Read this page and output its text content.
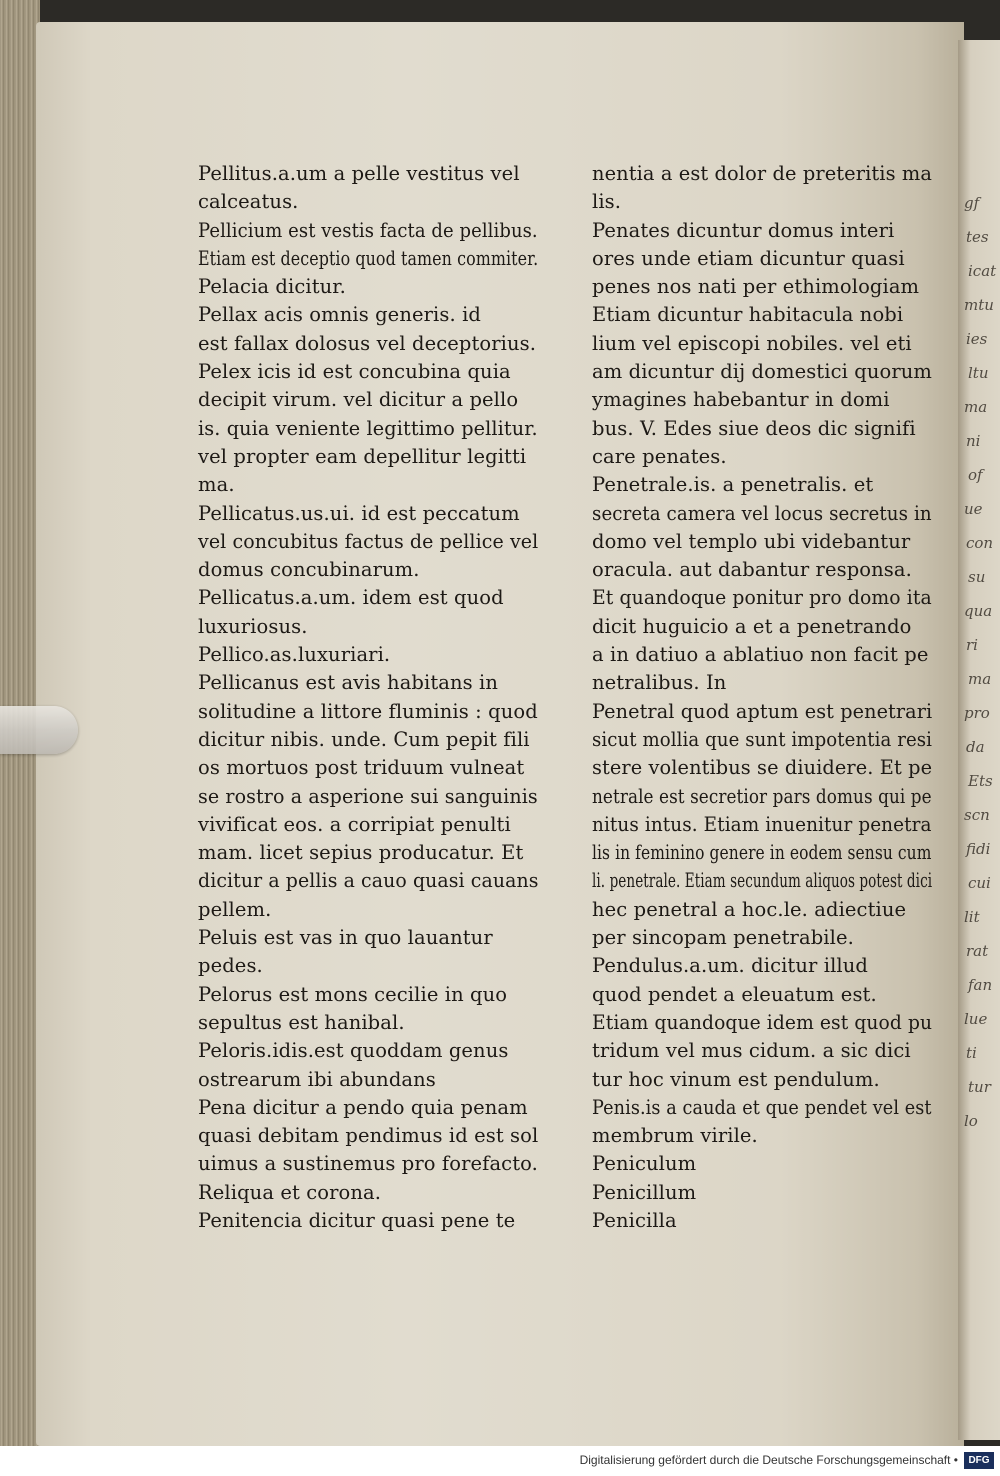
gf
tes
icat
mtu
ies
ltu
ma
ni
of
ue
con
su
qua
ri
ma
pro
da
Ets
scn
fidi
cui
lit
rat
fan
lue
ti
tur
lo
Pellitus.a.um a pelle vestitus vel
calceatus.
Pellicium est vestis facta de pellibus.
Etiam est deceptio quod tamen commiter.
Pelacia dicitur.
Pellax acis omnis generis. id
est fallax dolosus vel deceptorius.
Pelex icis id est concubina quia
decipit virum. vel dicitur a pello
is. quia veniente legittimo pellitur.
vel propter eam depellitur legitti
ma.
Pellicatus.us.ui. id est peccatum
vel concubitus factus de pellice vel
domus concubinarum.
Pellicatus.a.um. idem est quod
luxuriosus.
Pellico.as.luxuriari.
Pellicanus est avis habitans in
solitudine a littore fluminis : quod
dicitur nibis. unde. Cum pepit fili
os mortuos post triduum vulneat
se rostro a asperione sui sanguinis
vivificat eos. a corripiat penulti
mam. licet sepius producatur. Et
dicitur a pellis a cauo quasi cauans
pellem.
Peluis est vas in quo lauantur
pedes.
Pelorus est mons cecilie in quo
sepultus est hanibal.
Peloris.idis.est quoddam genus
ostrearum ibi abundans
Pena dicitur a pendo quia penam
quasi debitam pendimus id est sol
uimus a sustinemus pro forefacto.
Reliqua et corona.
Penitencia dicitur quasi pene te
nentia a est dolor de preteritis ma
lis.
Penates dicuntur domus interi
ores unde etiam dicuntur quasi
penes nos nati per ethimologiam
Etiam dicuntur habitacula nobi
lium vel episcopi nobiles. vel eti
am dicuntur dij domestici quorum
ymagines habebantur in domi
bus. V. Edes siue deos dic signifi
care penates.
Penetrale.is. a penetralis. et
secreta camera vel locus secretus in
domo vel templo ubi videbantur
oracula. aut dabantur responsa.
Et quandoque ponitur pro domo ita
dicit huguicio a et a penetrando
a in datiuo a ablatiuo non facit pe
netralibus. In
Penetral quod aptum est penetrari
sicut mollia que sunt impotentia resi
stere volentibus se diuidere. Et pe
netrale est secretior pars domus qui pe
nitus intus. Etiam inuenitur penetra
lis in feminino genere in eodem sensu cum
li. penetrale. Etiam secundum aliquos potest dici
hec penetral a hoc.le. adiectiue
per sincopam penetrabile.
Pendulus.a.um. dicitur illud
quod pendet a eleuatum est.
Etiam quandoque idem est quod pu
tridum vel mus cidum. a sic dici
tur hoc vinum est pendulum.
Penis.is a cauda et que pendet vel est
membrum virile.
Peniculum
Penicillum
Penicilla
Digitalisierung gefördert durch die Deutsche Forschungsgemeinschaft •	DFG
